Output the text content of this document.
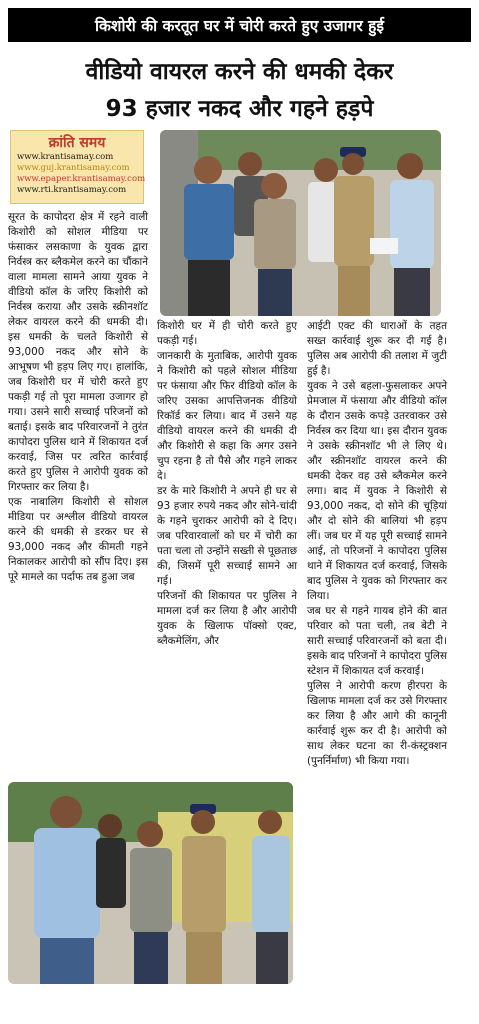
किशोरी की करतूत घर में चोरी करते हुए उजागर हुई
वीडियो वायरल करने की धमकी देकर
93 हजार नकद और गहने हड़पे
क्रांति समय
www.krantisamay.com
www.guj.krantisamay.com
www.epaper.krantisamay.com
www.rti.krantisamay.com

सूरत के कापोदरा क्षेत्र में रहने वाली किशोरी को सोशल मीडिया पर फंसाकर लसकाणा के युवक द्वारा निर्वस्त्र कर ब्लैकमेल करने का चौंकाने वाला मामला सामने आया युवक ने वीडियो कॉल के जरिए किशोरी को निर्वस्त्र कराया और उसके स्क्रीनशॉट लेकर वायरल करने की धमकी दी। इस धमकी के चलते किशोरी से 93,000 नकद और सोने के आभूषण भी हड़प लिए गए। हालांकि, जब किशोरी घर में चोरी करते हुए पकड़ी गई तो पूरा मामला उजागर हो गया। उसने सारी सच्चाई परिजनों को बताई। इसके बाद परिवारजनों ने तुरंत कापोदरा पुलिस थाने में शिकायत दर्ज करवाई, जिस पर त्वरित कार्रवाई करते हुए पुलिस ने आरोपी युवक को गिरफ्तार कर लिया है।

एक नाबालिग किशोरी से सोशल मीडिया पर अश्लील वीडियो वायरल करने की धमकी से डरकर घर से 93,000 नकद और कीमती गहने निकालकर आरोपी को सौंप दिए। इस पूरे मामले का पर्दाफ तब हुआ जब

किशोरी घर में ही चोरी करते हुए पकड़ी गई।

जानकारी के मुताबिक, आरोपी युवक ने किशोरी को पहले सोशल मीडिया पर फंसाया और फिर वीडियो कॉल के जरिए उसका आपत्तिजनक वीडियो रिकॉर्ड कर लिया। बाद में उसने यह वीडियो वायरल करने की धमकी दी और किशोरी से कहा कि अगर उसने चुप रहना है तो पैसे और गहने लाकर दे।

डर के मारे किशोरी ने अपने ही घर से 93 हजार रुपये नकद और सोने-चांदी के गहने चुराकर आरोपी को दे दिए। जब परिवारवालों को घर में चोरी का पता चला तो उन्होंने सख्ती से पूछताछ की, जिसमें पूरी सच्चाई सामने आ गई।

परिजनों की शिकायत पर पुलिस ने मामला दर्ज कर लिया है और आरोपी युवक के खिलाफ पॉक्सो एक्ट, ब्लैकमेलिंग, और

आईटी एक्ट की धाराओं के तहत सख्त कार्रवाई शुरू कर दी गई है। पुलिस अब आरोपी की तलाश में जुटी हुई है।

युवक ने उसे बहला-फुसलाकर अपने प्रेमजाल में फंसाया और वीडियो कॉल के दौरान उसके कपड़े उतरवाकर उसे निर्वस्त्र कर दिया था। इस दौरान युवक ने उसके स्क्रीनशॉट भी ले लिए थे। और स्क्रीनशॉट वायरल करने की धमकी देकर वह उसे ब्लैकमेल करने लगा। बाद में युवक ने किशोरी से 93,000 नकद, दो सोने की चूड़ियां और दो सोने की बालियां भी हड़प लीं। जब घर में यह पूरी सच्चाई सामने आई, तो परिजनों ने कापोदरा पुलिस थाने में शिकायत दर्ज करवाई, जिसके बाद पुलिस ने युवक को गिरफ्तार कर लिया।

जब घर से गहने गायब होने की बात परिवार को पता चली, तब बेटी ने सारी सच्चाई परिवारजनों को बता दी। इसके बाद परिजनों ने कापोदरा पुलिस स्टेशन में शिकायत दर्ज करवाई।

पुलिस ने आरोपी करण हीरपरा के खिलाफ मामला दर्ज कर उसे गिरफ्तार कर लिया है और आगे की कानूनी कार्रवाई शुरू कर दी है। आरोपी को साथ लेकर घटना का री-कंस्ट्रक्शन (पुनर्निर्माण) भी किया गया।
